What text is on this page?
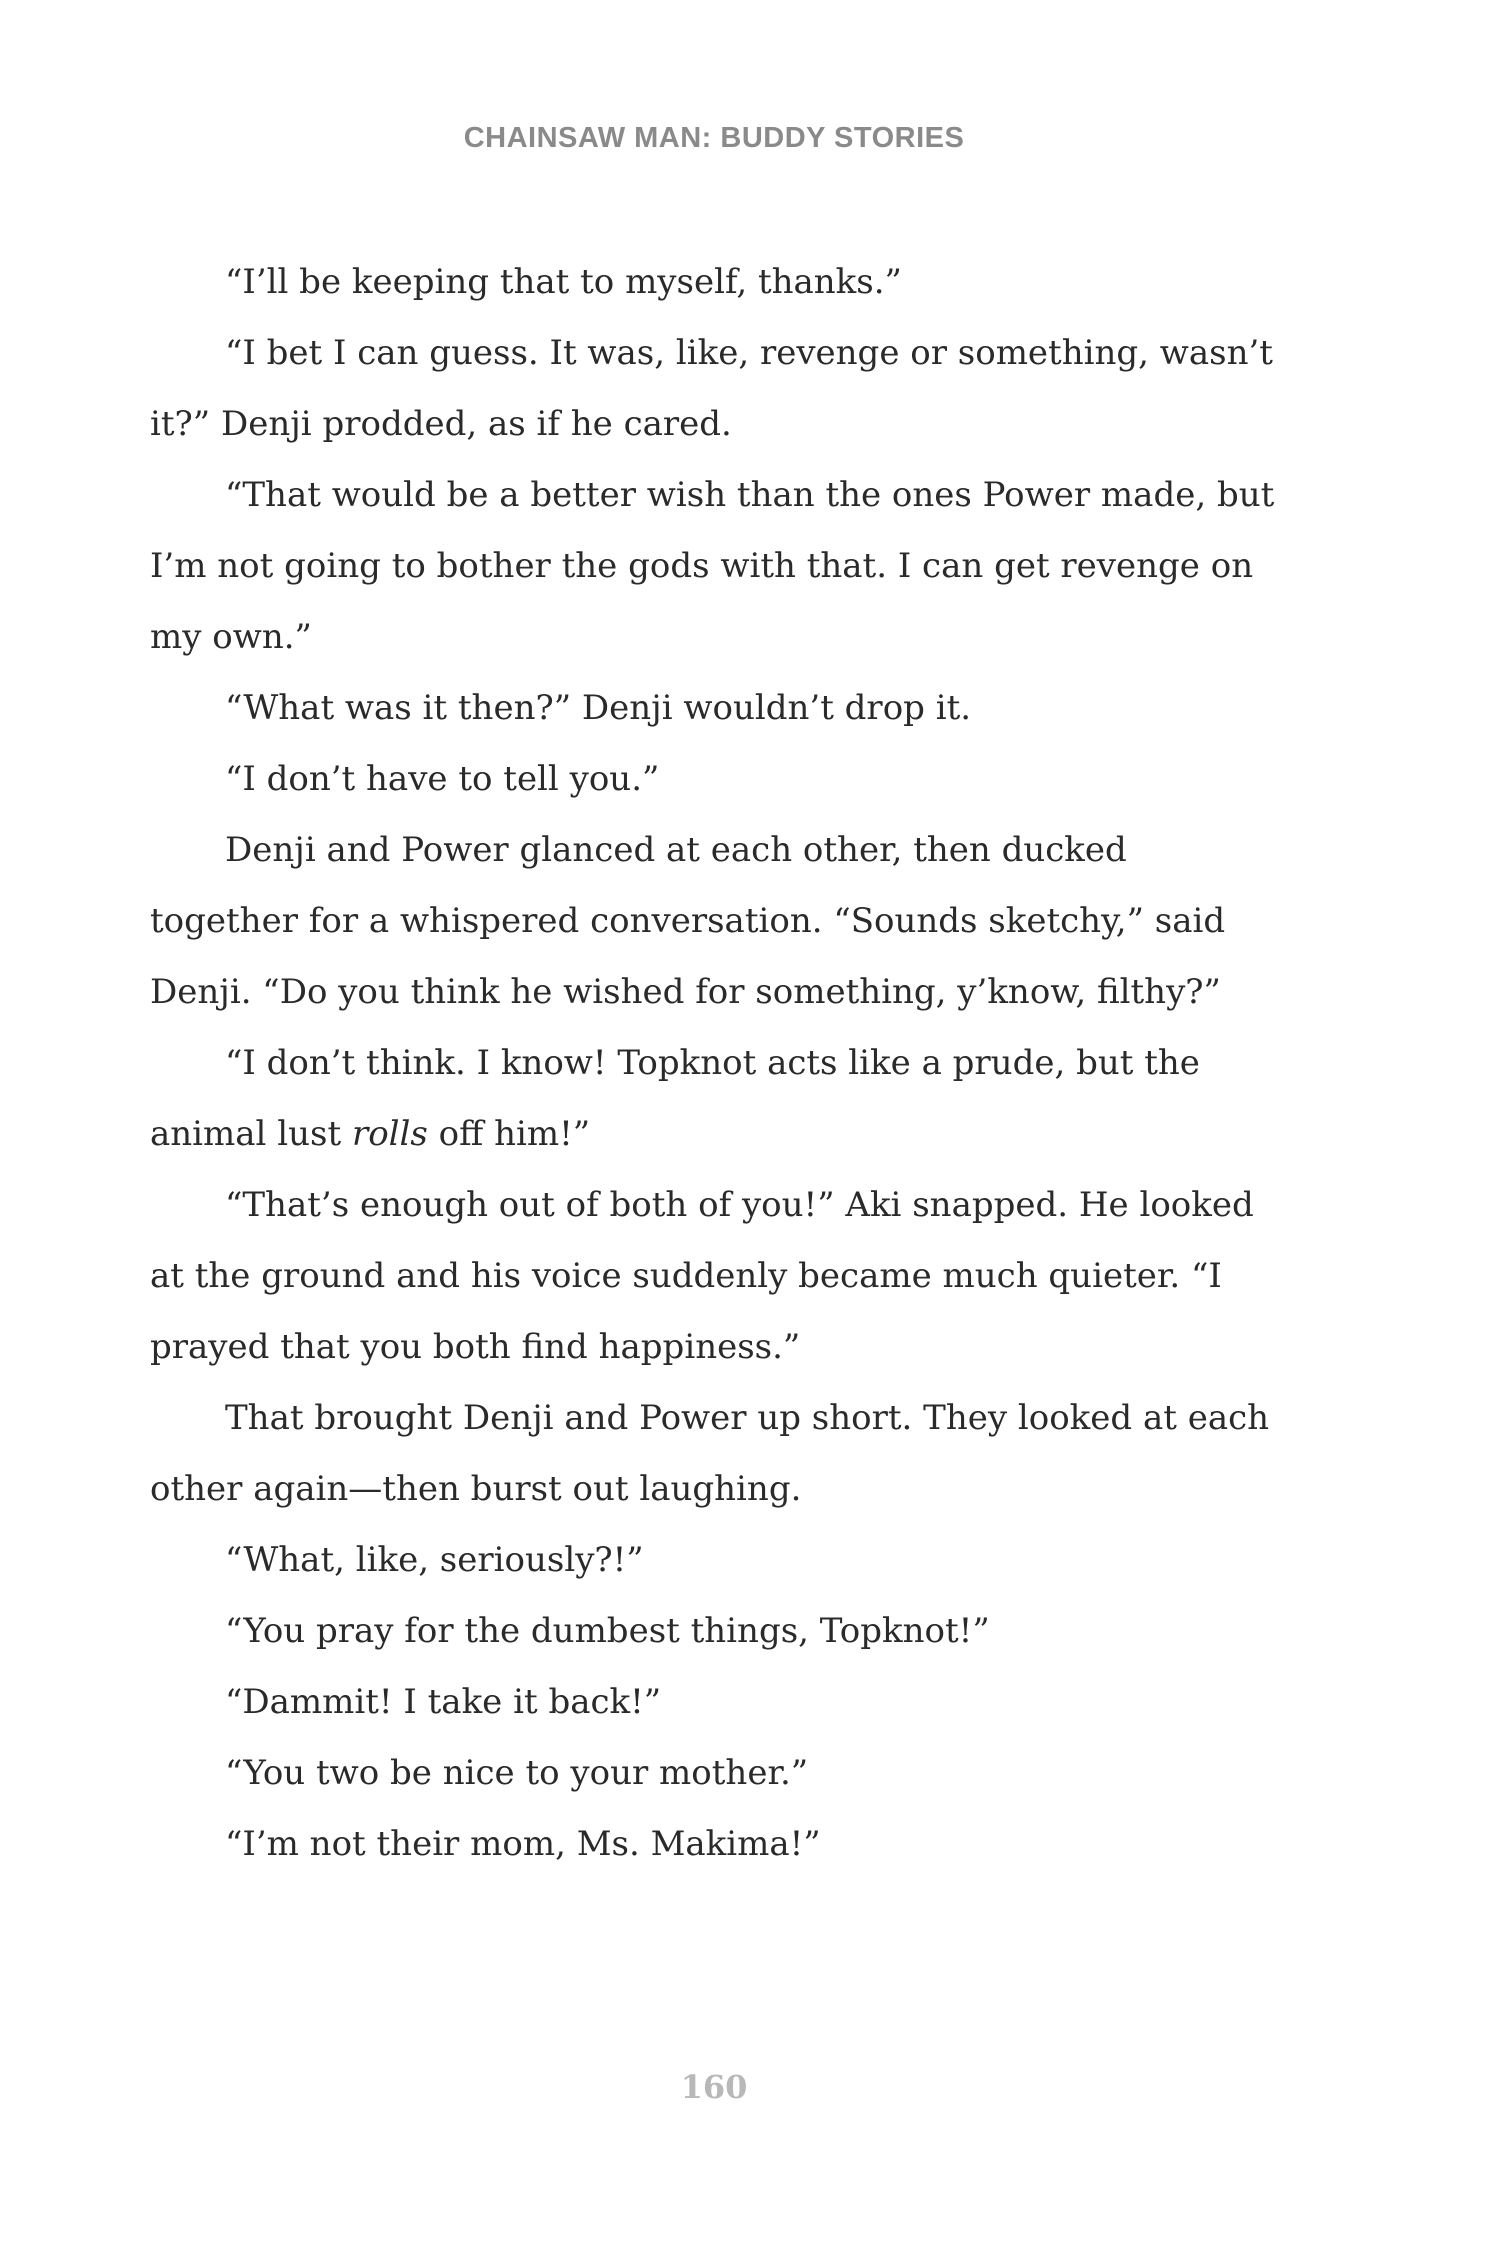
CHAINSAW MAN: BUDDY STORIES

“I’ll be keeping that to myself, thanks.”

“I bet I can guess. It was, like, revenge or something, wasn’t it?” Denji prodded, as if he cared.

“That would be a better wish than the ones Power made, but I’m not going to bother the gods with that. I can get revenge on my own.”

“What was it then?” Denji wouldn’t drop it.

“I don’t have to tell you.”

Denji and Power glanced at each other, then ducked together for a whispered conversation. “Sounds sketchy,” said Denji. “Do you think he wished for something, y’know, filthy?”

“I don’t think. I know! Topknot acts like a prude, but the animal lust rolls off him!”

“That’s enough out of both of you!” Aki snapped. He looked at the ground and his voice suddenly became much quieter. “I prayed that you both find happiness.”

That brought Denji and Power up short. They looked at each other again—then burst out laughing.

“What, like, seriously?!”

“You pray for the dumbest things, Topknot!”

“Dammit! I take it back!”

“You two be nice to your mother.”

“I’m not their mom, Ms. Makima!”

160
